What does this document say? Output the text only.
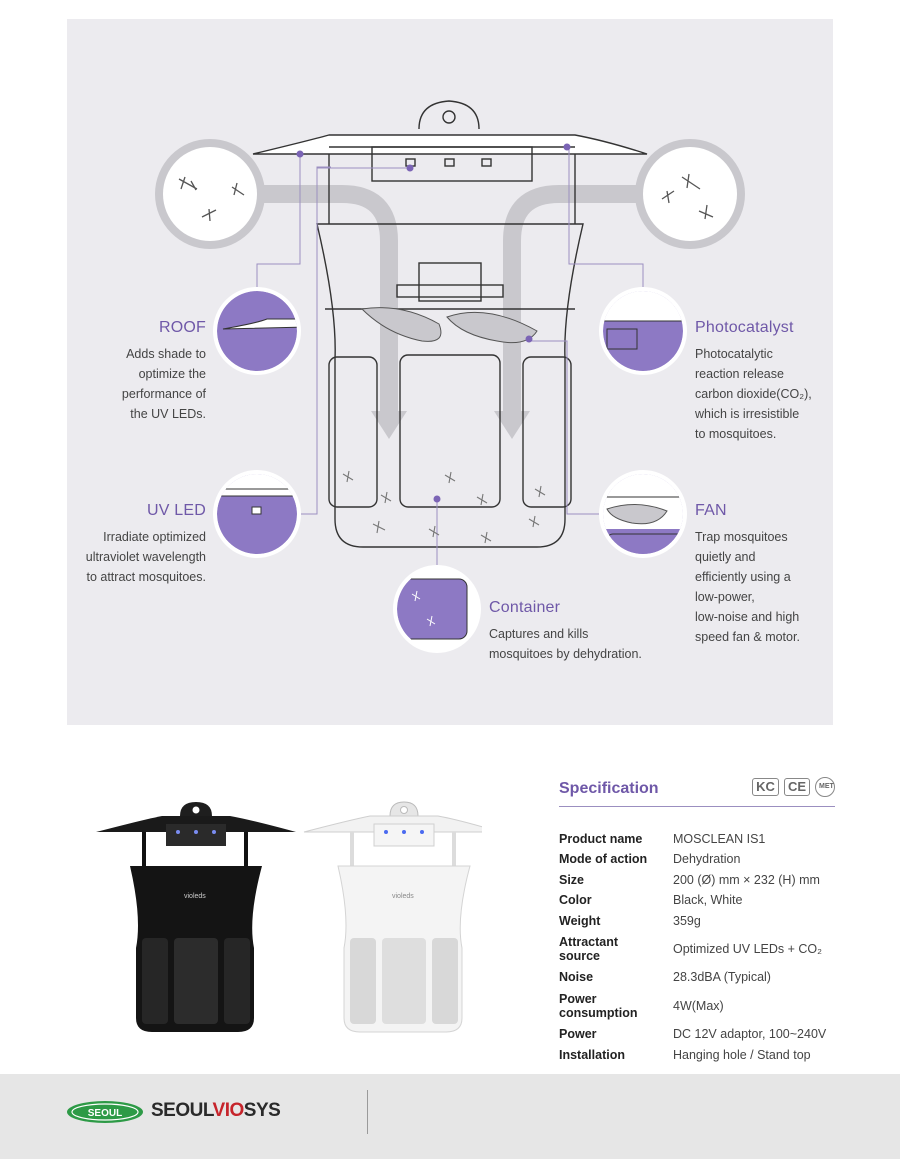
ROOF
Adds shade to
optimize the
performance of
the UV LEDs.
UV LED
Irradiate optimized
ultraviolet wavelength
to attract mosquitoes.
Photocatalyst
Photocatalytic
reaction release
carbon dioxide(CO₂),
which is irresistible
to mosquitoes.
FAN
Trap mosquitoes
quietly and
efficiently using a
low-power,
low-noise and high
speed fan & motor.
Container
Captures and kills
mosquitoes by dehydration.
violeds	violeds
Specification	KC	CE	MET
Product name	MOSCLEAN IS1
Mode of action	Dehydration
Size	200 (Ø) mm × 232 (H) mm
Color	Black, White
Weight	359g
Attractant
source	Optimized UV LEDs + CO₂
Noise	28.3dBA (Typical)
Power
consumption	4W(Max)
Power	DC 12V adaptor, 100~240V
Installation	Hanging hole / Stand top
SEOUL SEOULVIOSYS
